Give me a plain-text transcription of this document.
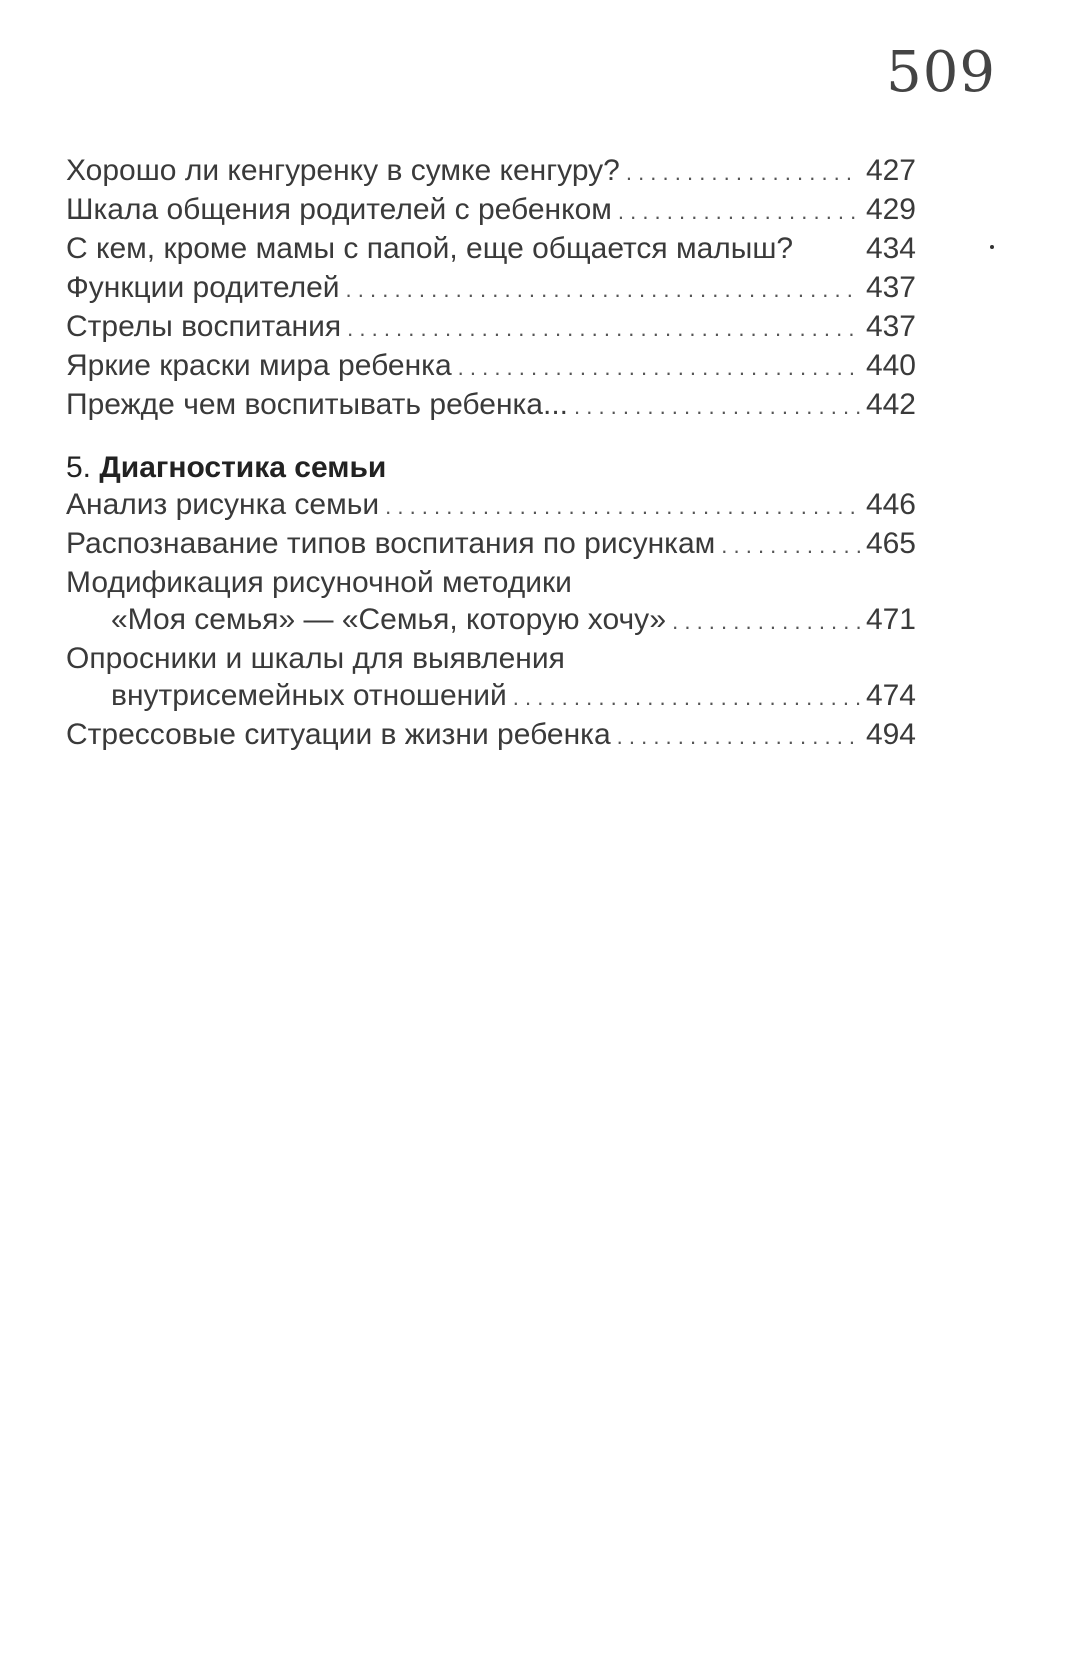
509
Хорошо ли кенгуренку в сумке кенгуру? . . .	427
Шкала общения родителей с ребенком . . .	429
С кем, кроме мамы с папой, еще общается малыш? 434
Функции родителей . . .	437
Стрелы воспитания . . .	437
Яркие краски мира ребенка . . .	440
Прежде чем воспитывать ребенка... . . .	442
5. Диагностика семьи
Анализ рисунка семьи . . .	446
Распознавание типов воспитания по рисункам . . .	465
Модификация рисуночной методики
«Моя семья» — «Семья, которую хочу» . . .	471
Опросники и шкалы для выявления
внутрисемейных отношений . . .	474
Стрессовые ситуации в жизни ребенка . . .	494
